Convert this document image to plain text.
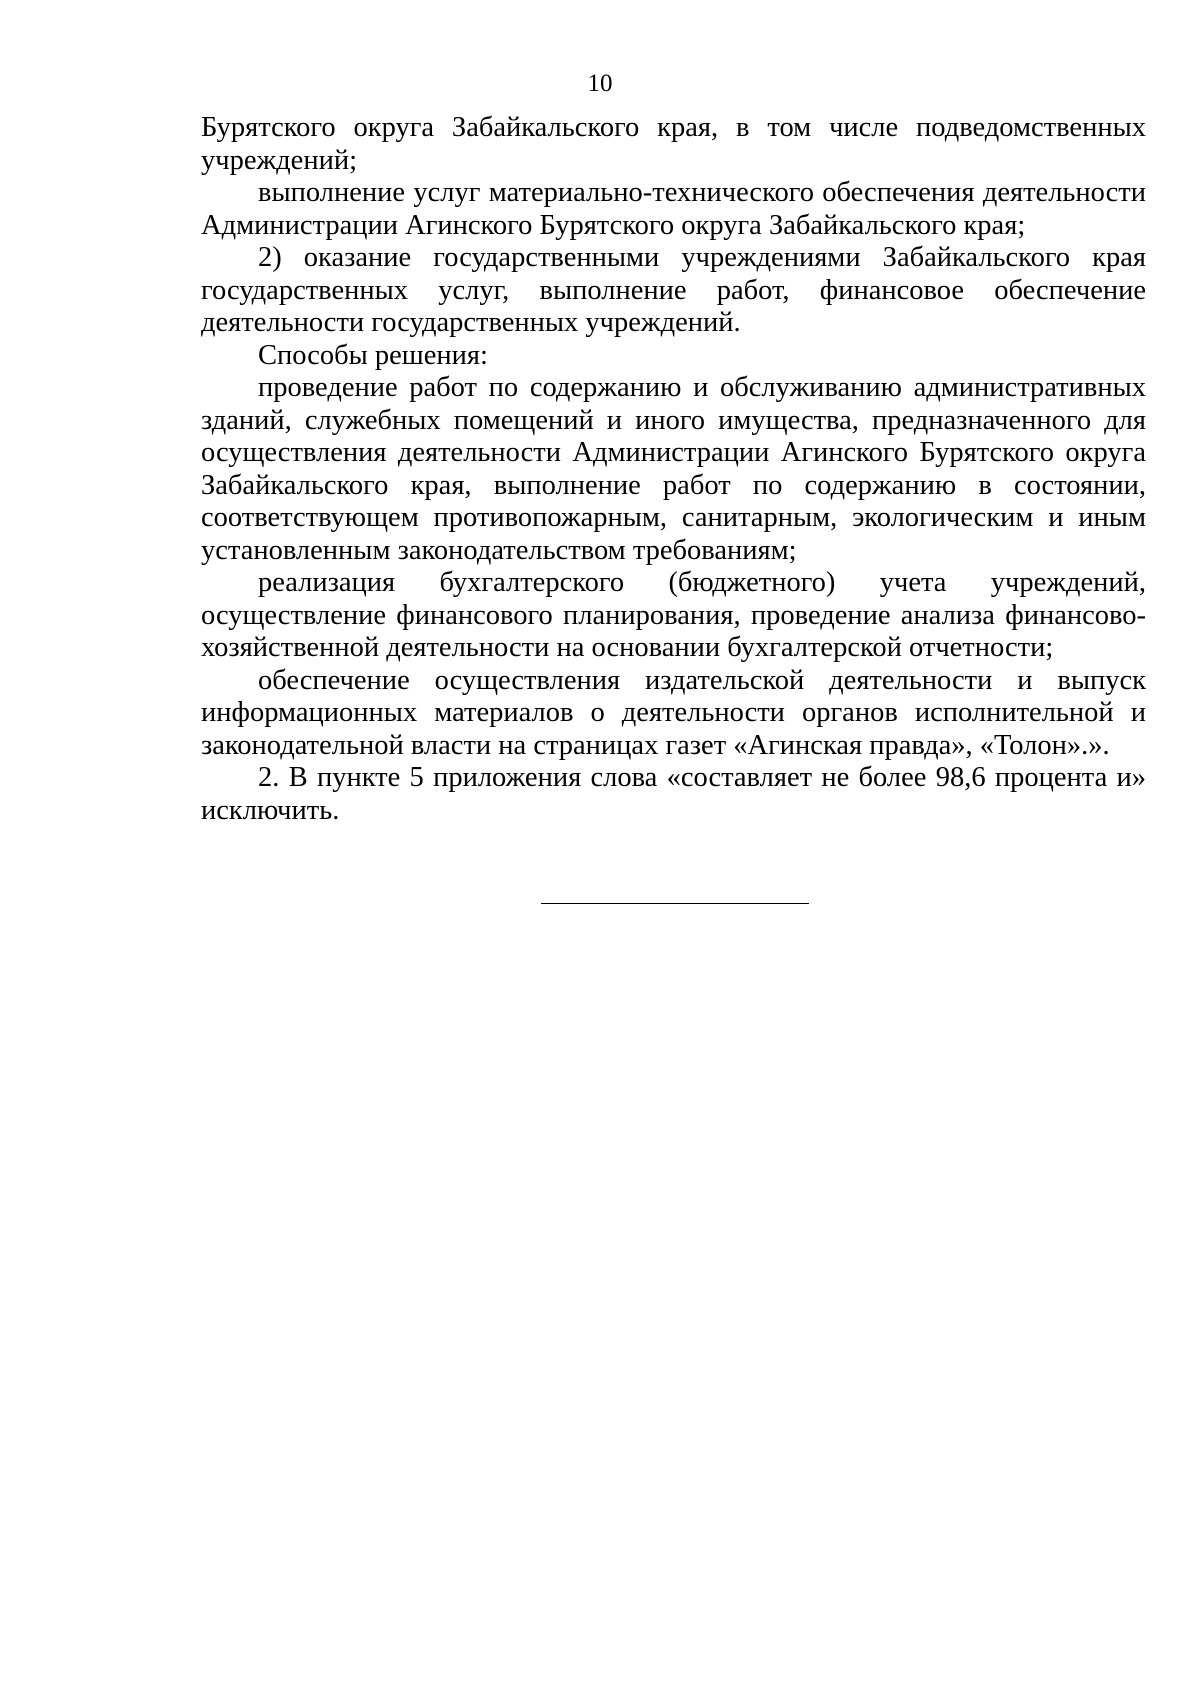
10

Бурятского округа Забайкальского края, в том числе подведомственных учреждений;

выполнение услуг материально-технического обеспечения деятельности Администрации Агинского Бурятского округа Забайкальского края;

2) оказание государственными учреждениями Забайкальского края государственных услуг, выполнение работ, финансовое обеспечение деятельности государственных учреждений.

Способы решения:

проведение работ по содержанию и обслуживанию административных зданий, служебных помещений и иного имущества, предназначенного для осуществления деятельности Администрации Агинского Бурятского округа Забайкальского края, выполнение работ по содержанию в состоянии, соответствующем противопожарным, санитарным, экологическим и иным установленным законодательством требованиям;

реализация бухгалтерского (бюджетного) учета учреждений, осуществление финансового планирования, проведение анализа финансово-хозяйственной деятельности на основании бухгалтерской отчетности;

обеспечение осуществления издательской деятельности и выпуск информационных материалов о деятельности органов исполнительной и законодательной власти на страницах газет «Агинская правда», «Толон».».

2. В пункте 5 приложения слова «составляет не более 98,6 процента и» исключить.
